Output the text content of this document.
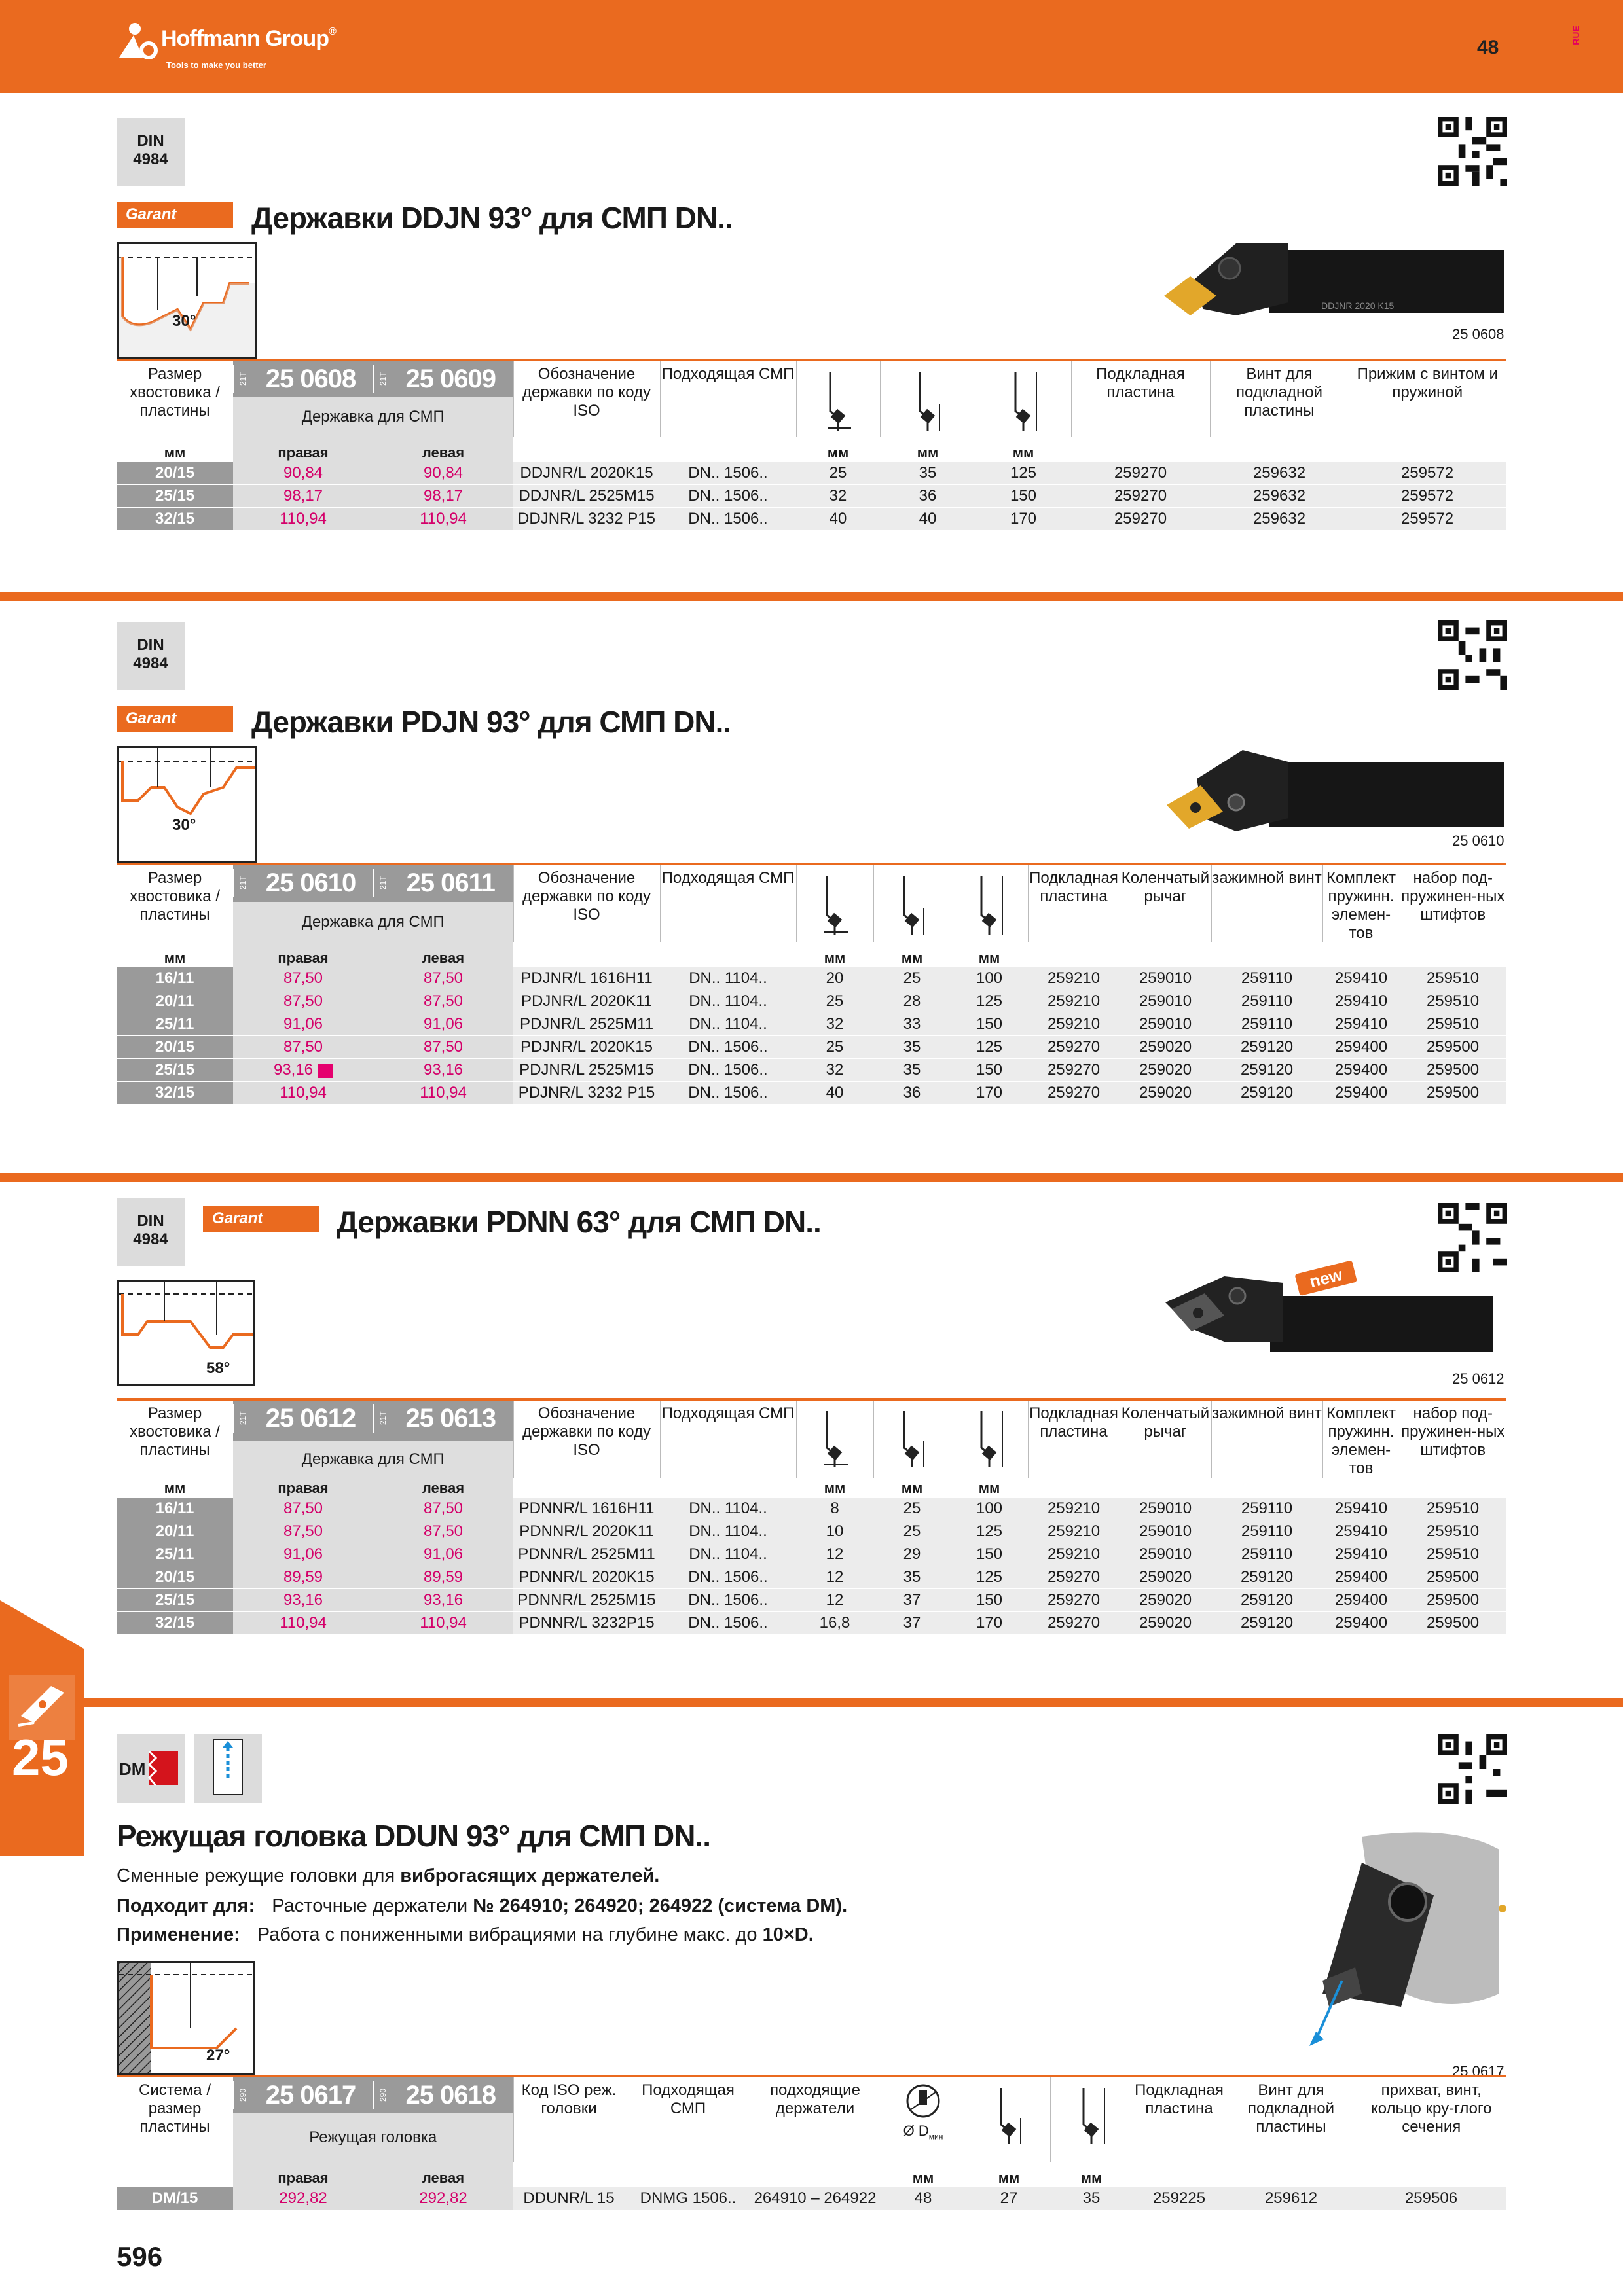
Hoffmann Group®
Tools to make you better
48
RUE
DIN
4984
Garant	Державки DDJN 93° для СМП DN..
30°
DDJNR 2020 K15
25 0608
Размер хвостовика / пластины	21T 25 0608	21T 25 0609	Обозначение державки по коду ISO	Подходящая СМП				Подкладная пластина	Винт для подкладной пластины	Прижим с винтом и пружиной
	Державка для СМП									
мм	правая	левая			мм	мм	мм			
20/15	90,84	90,84	DDJNR/L 2020K15	DN.. 1506..	25	35	125	259270	259632	259572
25/15	98,17	98,17	DDJNR/L 2525M15	DN.. 1506..	32	36	150	259270	259632	259572
32/15	110,94	110,94	DDJNR/L 3232 P15	DN.. 1506..	40	40	170	259270	259632	259572
DIN
4984
Garant	Державки PDJN 93° для СМП DN..
30°
25 0610
Размер хвостовика / пластины	21T 25 0610	21T 25 0611	Обозначение державки по коду ISO	Подходящая СМП				Подкладная пластина	Коленчатый рычаг	зажимной винт	Комплект пружинн. элемен-тов	набор под-пружинен-ных штифтов
	Державка для СМП											
мм	правая	левая			мм	мм	мм					
16/11	87,50	87,50	PDJNR/L 1616H11	DN.. 1104..	20	25	100	259210	259010	259110	259410	259510
20/11	87,50	87,50	PDJNR/L 2020K11	DN.. 1104..	25	28	125	259210	259010	259110	259410	259510
25/11	91,06	91,06	PDJNR/L 2525M11	DN.. 1104..	32	33	150	259210	259010	259110	259410	259510
20/15	87,50	87,50	PDJNR/L 2020K15	DN.. 1506..	25	35	125	259270	259020	259120	259400	259500
25/15	93,16	93,16	PDJNR/L 2525M15	DN.. 1506..	32	35	150	259270	259020	259120	259400	259500
32/15	110,94	110,94	PDJNR/L 3232 P15	DN.. 1506..	40	36	170	259270	259020	259120	259400	259500
DIN
4984
Garant	Державки PDNN 63° для СМП DN..
58°
new
25 0612
Размер хвостовика / пластины	21T 25 0612	21T 25 0613	Обозначение державки по коду ISO	Подходящая СМП				Подкладная пластина	Коленчатый рычаг	зажимной винт	Комплект пружинн. элемен-тов	набор под-пружинен-ных штифтов
	Державка для СМП											
мм	правая	левая			мм	мм	мм					
16/11	87,50	87,50	PDNNR/L 1616H11	DN.. 1104..	8	25	100	259210	259010	259110	259410	259510
20/11	87,50	87,50	PDNNR/L 2020K11	DN.. 1104..	10	25	125	259210	259010	259110	259410	259510
25/11	91,06	91,06	PDNNR/L 2525M11	DN.. 1104..	12	29	150	259210	259010	259110	259410	259510
20/15	89,59	89,59	PDNNR/L 2020K15	DN.. 1506..	12	35	125	259270	259020	259120	259400	259500
25/15	93,16	93,16	PDNNR/L 2525M15	DN.. 1506..	12	37	150	259270	259020	259120	259400	259500
32/15	110,94	110,94	PDNNR/L 3232P15	DN.. 1506..	16,8	37	170	259270	259020	259120	259400	259500
25	DM
Режущая головка DDUN 93° для СМП DN..
Сменные режущие головки для виброгасящих держателей.
Подходит для: Расточные держатели № 264910; 264920; 264922 (система DM).
Применение: Работа с пониженными вибрациями на глубине макс. до 10×D.
27°
25 0617
Система / размер пластины	290 25 0617	290 25 0618	Код ISO реж. головки	Подходящая СМП	подходящие держатели	Ø $D_{мин}$			Подкладная пластина	Винт для подкладной пластины	прихват, винт, кольцо кру-глого сечения
	Режущая головка										
	правая	левая				мм	мм	мм			
DM/15	292,82	292,82	DDUNR/L 15	DNMG 1506..	264910 – 264922	48	27	35	259225	259612	259506
596
